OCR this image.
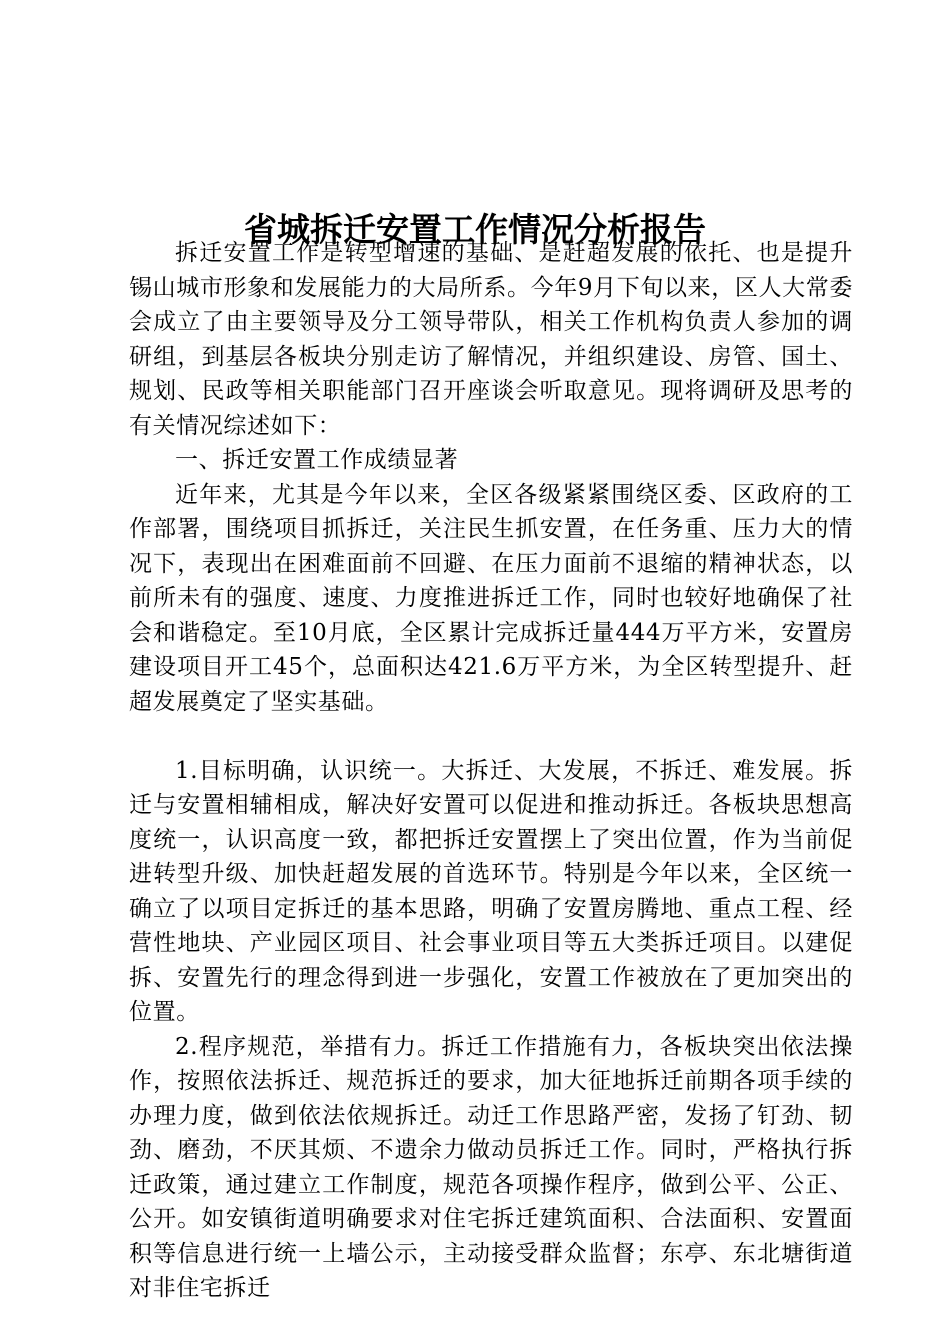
省城拆迁安置工作情况分析报告

拆迁安置工作是转型增速的基础、是赶超发展的依托、也是提升锡山城市形象和发展能力的大局所系。今年9月下旬以来，区人大常委会成立了由主要领导及分工领导带队，相关工作机构负责人参加的调研组，到基层各板块分别走访了解情况，并组织建设、房管、国土、规划、民政等相关职能部门召开座谈会听取意见。现将调研及思考的有关情况综述如下：

一、拆迁安置工作成绩显著

近年来，尤其是今年以来，全区各级紧紧围绕区委、区政府的工作部署，围绕项目抓拆迁，关注民生抓安置，在任务重、压力大的情况下，表现出在困难面前不回避、在压力面前不退缩的精神状态，以前所未有的强度、速度、力度推进拆迁工作，同时也较好地确保了社会和谐稳定。至10月底，全区累计完成拆迁量444万平方米，安置房建设项目开工45个，总面积达421.6万平方米，为全区转型提升、赶超发展奠定了坚实基础。

1.目标明确，认识统一。大拆迁、大发展，不拆迁、难发展。拆迁与安置相辅相成，解决好安置可以促进和推动拆迁。各板块思想高度统一，认识高度一致，都把拆迁安置摆上了突出位置，作为当前促进转型升级、加快赶超发展的首选环节。特别是今年以来，全区统一确立了以项目定拆迁的基本思路，明确了安置房腾地、重点工程、经营性地块、产业园区项目、社会事业项目等五大类拆迁项目。以建促拆、安置先行的理念得到进一步强化，安置工作被放在了更加突出的位置。

2.程序规范，举措有力。拆迁工作措施有力，各板块突出依法操作，按照依法拆迁、规范拆迁的要求，加大征地拆迁前期各项手续的办理力度，做到依法依规拆迁。动迁工作思路严密，发扬了钉劲、韧劲、磨劲，不厌其烦、不遗余力做动员拆迁工作。同时，严格执行拆迁政策，通过建立工作制度，规范各项操作程序，做到公平、公正、公开。如安镇街道明确要求对住宅拆迁建筑面积、合法面积、安置面积等信息进行统一上墙公示，主动接受群众监督；东亭、东北塘街道对非住宅拆迁
